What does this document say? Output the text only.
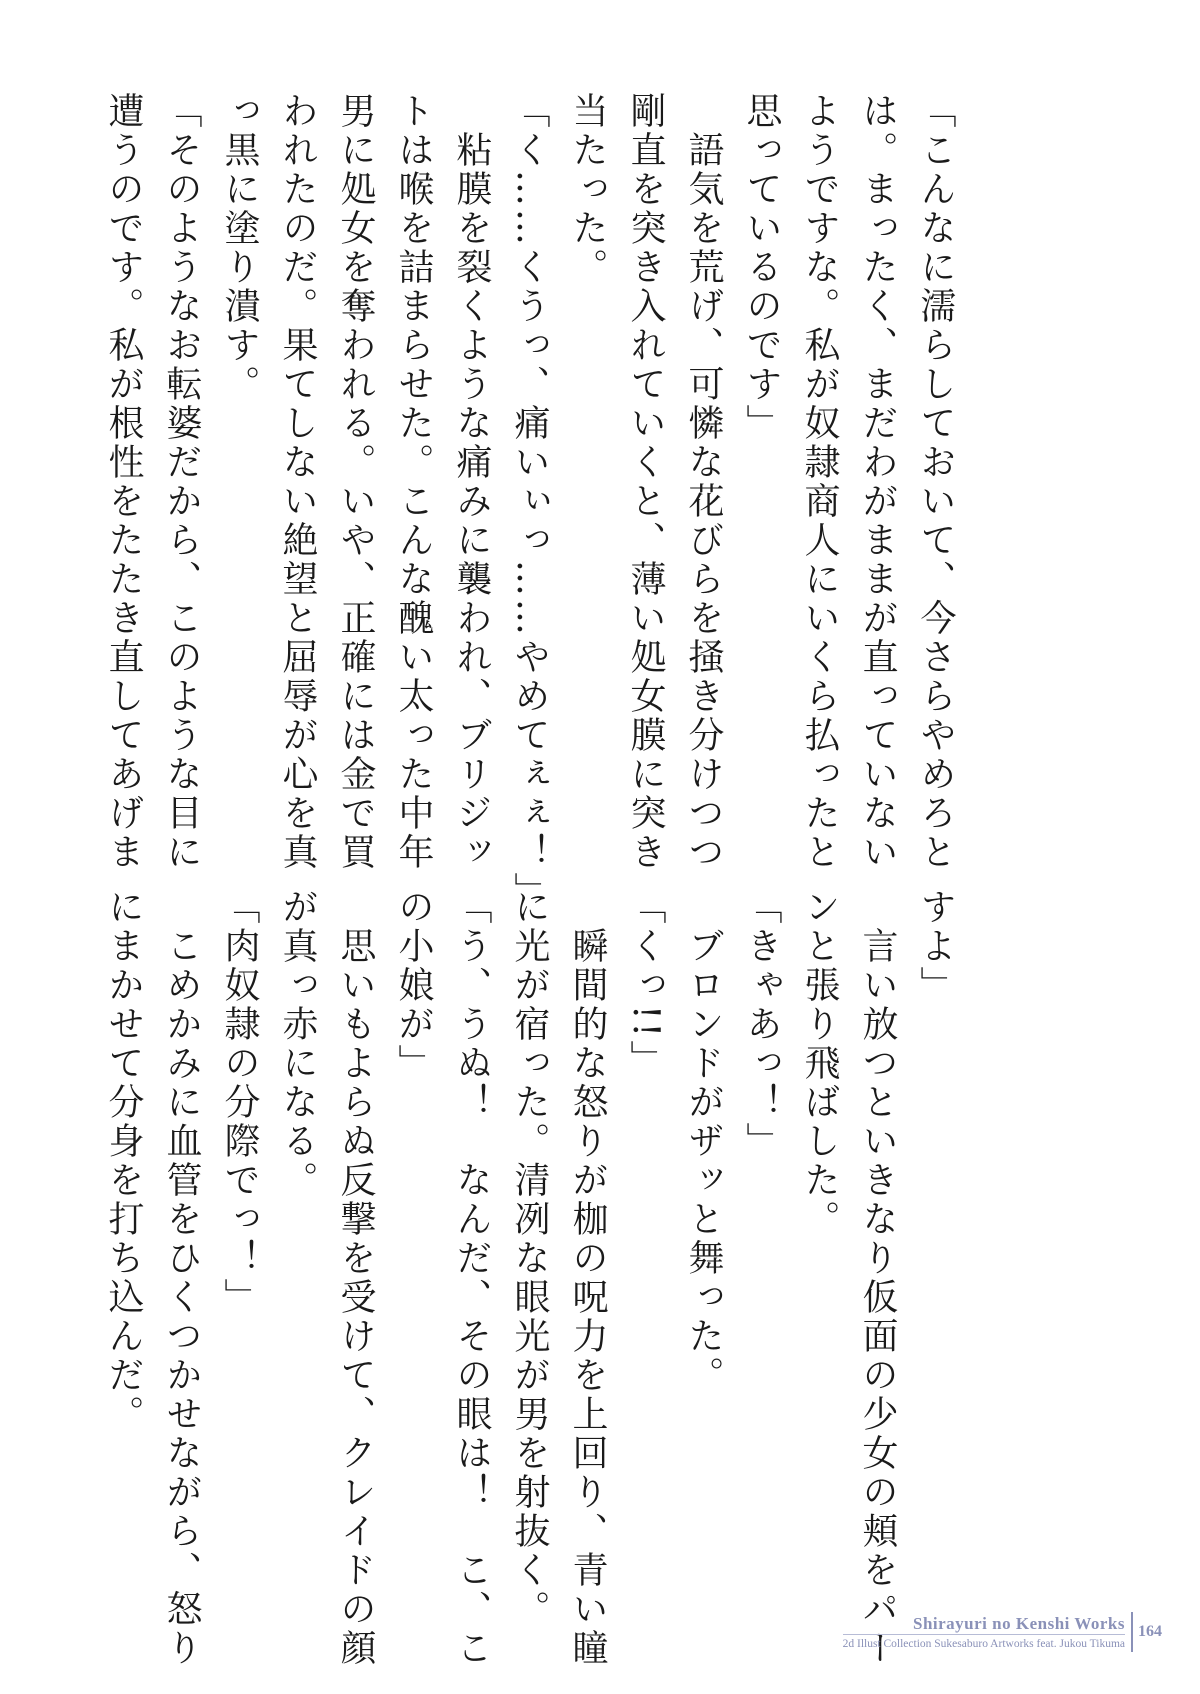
「こんなに濡らしておいて、今さらやめろと
は。まったく、まだわがままが直っていない
ようですな。私が奴隷商人にいくら払ったと
思っているのです」
　語気を荒げ、可憐な花びらを掻き分けつつ
剛直を突き入れていくと、薄い処女膜に突き
当たった。
「く……くうっ、痛いぃっ……やめてぇぇ！」
　粘膜を裂くような痛みに襲われ、ブリジッ
トは喉を詰まらせた。こんな醜い太った中年
男に処女を奪われる。いや、正確には金で買
われたのだ。果てしない絶望と屈辱が心を真
っ黒に塗り潰す。
「そのようなお転婆だから、このような目に
遭うのです。私が根性をたたき直してあげま
すよ」
　言い放つといきなり仮面の少女の頬をパー
ンと張り飛ばした。
「きゃあっ！」
　ブロンドがザッと舞った。
「くっ!!」
　瞬間的な怒りが枷の呪力を上回り、青い瞳
に光が宿った。清冽な眼光が男を射抜く。
「う、うぬ！　なんだ、その眼は！　こ、こ
の小娘が」
　思いもよらぬ反撃を受けて、クレイドの顔
が真っ赤になる。
「肉奴隷の分際でっ！」
　こめかみに血管をひくつかせながら、怒り
にまかせて分身を打ち込んだ。
Shirayuri no Kenshi Works
2d Illust Collection Sukesaburo Artworks feat. Jukou Tikuma
164
